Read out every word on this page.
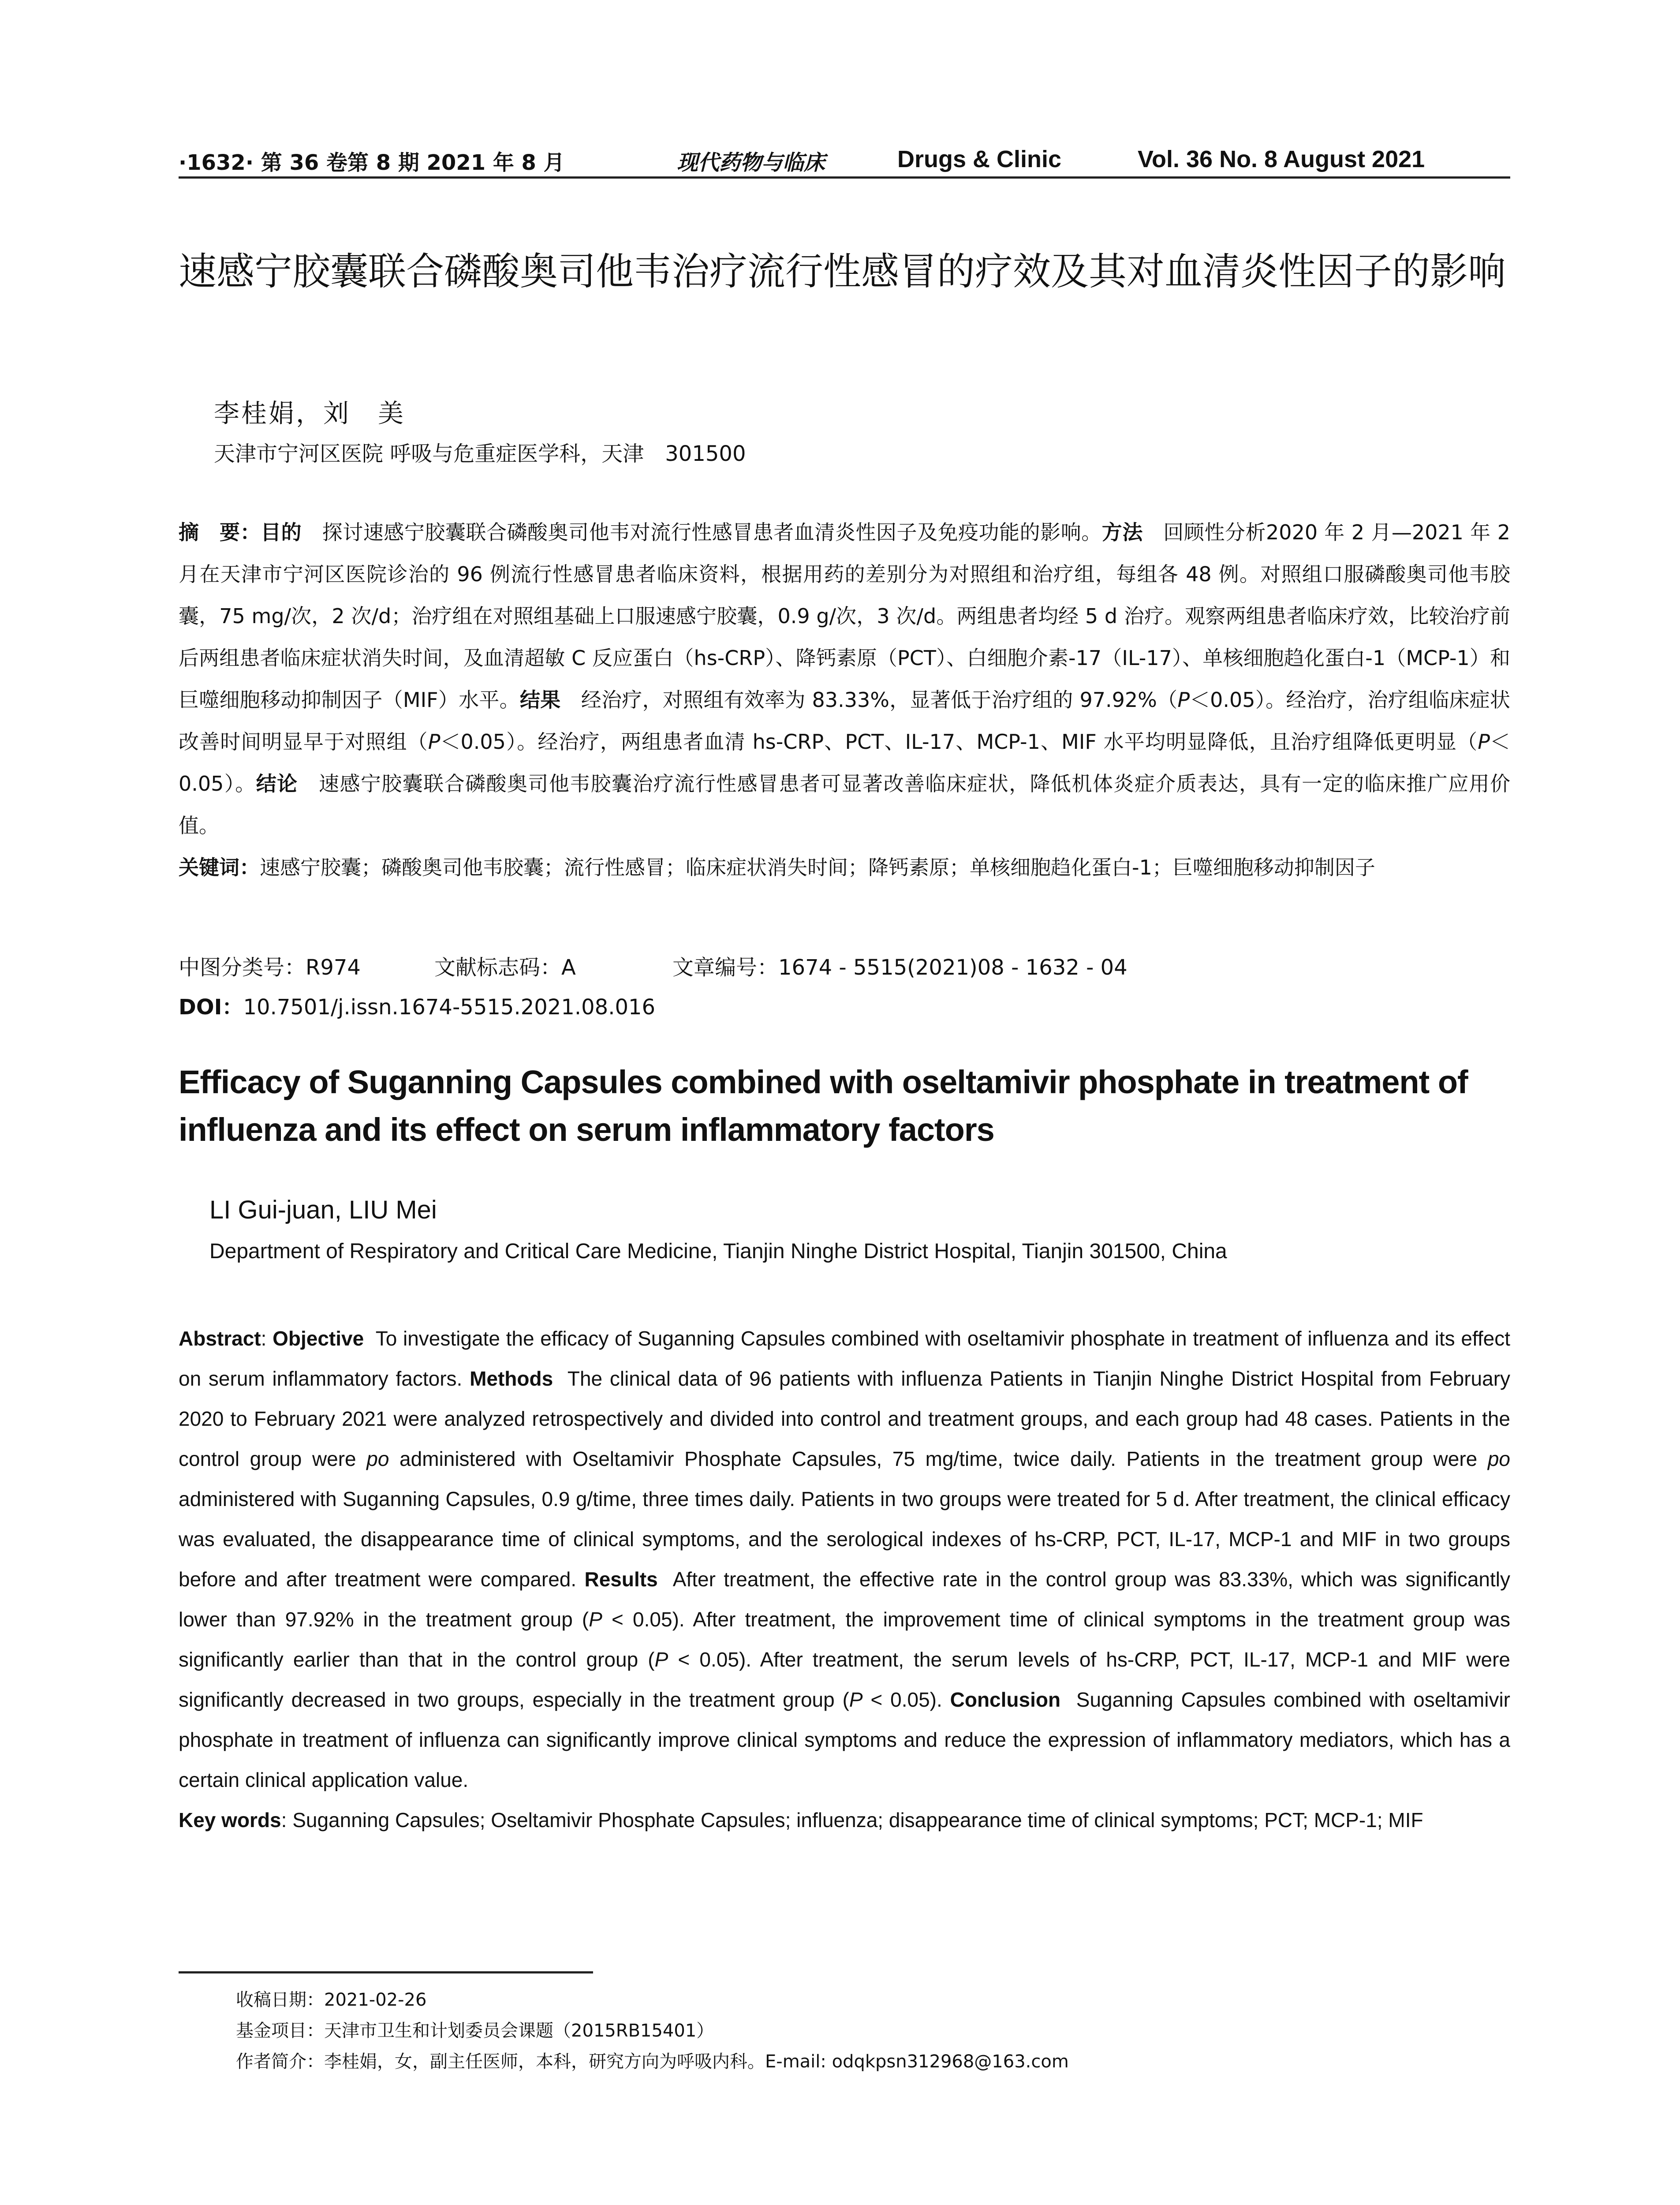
·1632· 第 36 卷第 8 期 2021 年 8 月	现代药物与临床	Drugs & Clinic	Vol. 36 No. 8 August 2021
速感宁胶囊联合磷酸奥司他韦治疗流行性感冒的疗效及其对血清炎性因子的影响
李桂娟，刘　美
天津市宁河区医院 呼吸与危重症医学科，天津　301500

摘　要：目的　 探讨速感宁胶囊联合磷酸奥司他韦对流行性感冒患者血清炎性因子及免疫功能的影响。方法　 回顾性分析2020 年 2 月—2021 年 2 月在天津市宁河区医院诊治的 96 例流行性感冒患者临床资料，根据用药的差别分为对照组和治疗组，每组各 48 例。对照组口服磷酸奥司他韦胶囊，75 mg/次，2 次/d；治疗组在对照组基础上口服速感宁胶囊，0.9 g/次，3 次/d。两组患者均经 5 d 治疗。观察两组患者临床疗效，比较治疗前后两组患者临床症状消失时间，及血清超敏 C 反应蛋白（hs-CRP）、降钙素原（PCT）、白细胞介素-17（IL-17）、单核细胞趋化蛋白-1（MCP-1）和巨噬细胞移动抑制因子（MIF）水平。结果　 经治疗，对照组有效率为 83.33%，显著低于治疗组的 97.92%（P＜0.05）。经治疗，治疗组临床症状改善时间明显早于对照组（P＜0.05）。经治疗，两组患者血清 hs-CRP、PCT、IL-17、MCP-1、MIF 水平均明显降低，且治疗组降低更明显（P＜0.05）。结论　 速感宁胶囊联合磷酸奥司他韦胶囊治疗流行性感冒患者可显著改善临床症状，降低机体炎症介质表达，具有一定的临床推广应用价值。

关键词：速感宁胶囊；磷酸奥司他韦胶囊；流行性感冒；临床症状消失时间；降钙素原；单核细胞趋化蛋白-1；巨噬细胞移动抑制因子

中图分类号：R974	文献标志码：A	文章编号：1674 - 5515(2021)08 - 1632 - 04
DOI：10.7501/j.issn.1674-5515.2021.08.016
Efficacy of Suganning Capsules combined with oseltamivir phosphate in treatment of influenza and its effect on serum inflammatory factors
LI Gui-juan, LIU Mei
Department of Respiratory and Critical Care Medicine, Tianjin Ninghe District Hospital, Tianjin 301500, China

Abstract: Objective To investigate the efficacy of Suganning Capsules combined with oseltamivir phosphate in treatment of influenza and its effect on serum inflammatory factors. Methods The clinical data of 96 patients with influenza Patients in Tianjin Ninghe District Hospital from February 2020 to February 2021 were analyzed retrospectively and divided into control and treatment groups, and each group had 48 cases. Patients in the control group were po administered with Oseltamivir Phosphate Capsules, 75 mg/time, twice daily. Patients in the treatment group were po administered with Suganning Capsules, 0.9 g/time, three times daily. Patients in two groups were treated for 5 d. After treatment, the clinical efficacy was evaluated, the disappearance time of clinical symptoms, and the serological indexes of hs-CRP, PCT, IL-17, MCP-1 and MIF in two groups before and after treatment were compared. Results After treatment, the effective rate in the control group was 83.33%, which was significantly lower than 97.92% in the treatment group (P < 0.05). After treatment, the improvement time of clinical symptoms in the treatment group was significantly earlier than that in the control group (P < 0.05). After treatment, the serum levels of hs-CRP, PCT, IL-17, MCP-1 and MIF were significantly decreased in two groups, especially in the treatment group (P < 0.05). Conclusion Suganning Capsules combined with oseltamivir phosphate in treatment of influenza can significantly improve clinical symptoms and reduce the expression of inflammatory mediators, which has a certain clinical application value.

Key words: Suganning Capsules; Oseltamivir Phosphate Capsules; influenza; disappearance time of clinical symptoms; PCT; MCP-1; MIF

收稿日期：2021-02-26
基金项目：天津市卫生和计划委员会课题（2015RB15401）
作者简介：李桂娟，女，副主任医师，本科，研究方向为呼吸内科。E-mail: odqkpsn312968@163.com
